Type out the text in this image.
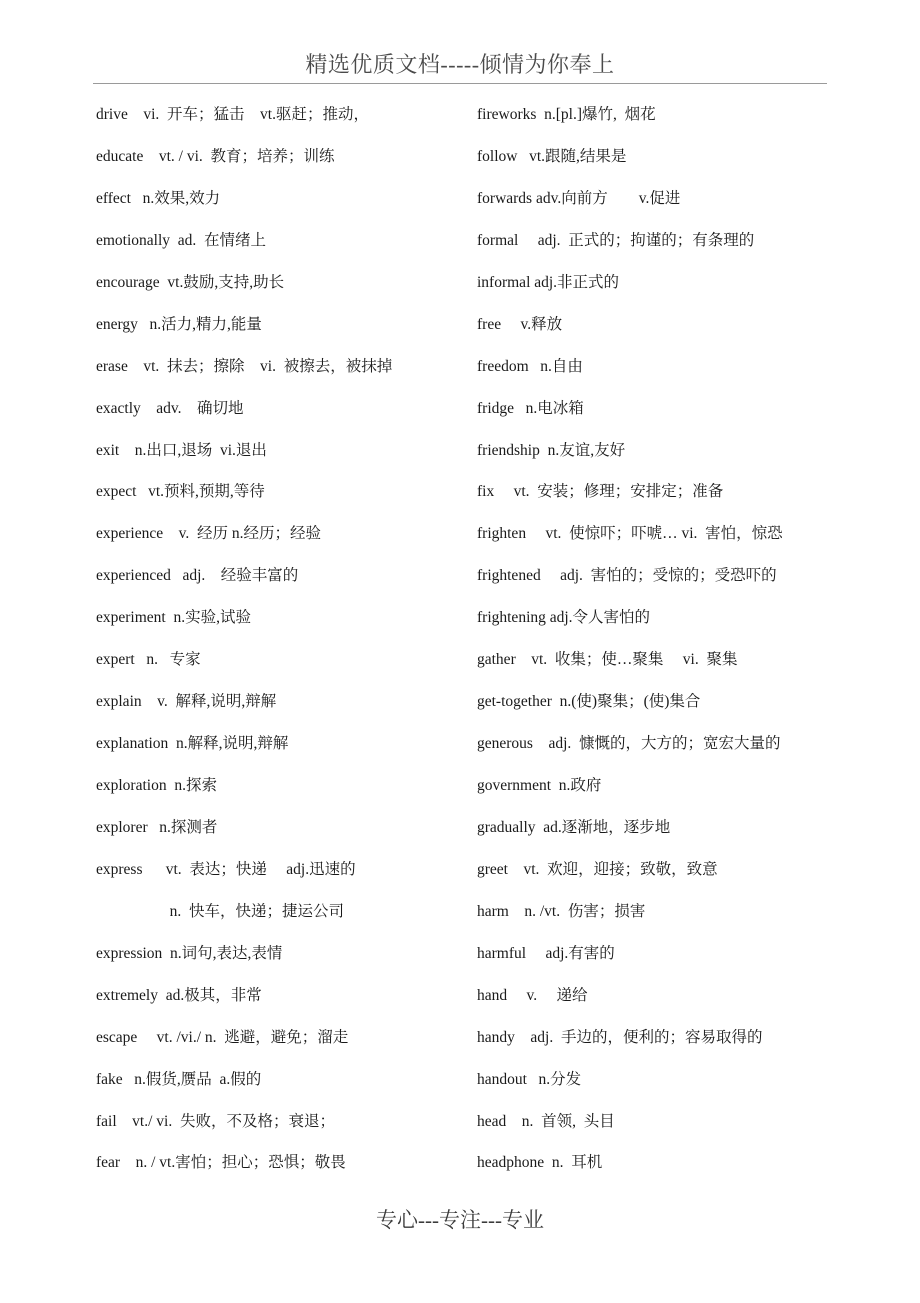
精选优质文档-----倾情为你奉上
drive    vi.  开车；猛击    vt.驱赶；推动，
educate    vt. / vi.  教育；培养；训练
effect   n.效果,效力
emotionally  ad.  在情绪上
encourage  vt.鼓励,支持,助长
energy   n.活力,精力,能量
erase    vt.  抹去；擦除    vi.  被擦去，被抹掉
exactly    adv.    确切地
exit    n.出口,退场  vi.退出
expect   vt.预料,预期,等待
experience    v.  经历 n.经历；经验
experienced   adj.    经验丰富的
experiment  n.实验,试验
expert   n.   专家
explain    v.  解释,说明,辩解
explanation  n.解释,说明,辩解
exploration  n.探索
explorer   n.探测者
express      vt.  表达；快递     adj.迅速的
n.  快车，快递；捷运公司
expression  n.词句,表达,表情
extremely  ad.极其，非常
escape     vt. /vi./ n.  逃避，避免；溜走
fake   n.假货,赝品  a.假的
fail    vt./ vi.  失败，不及格；衰退；
fear    n. / vt.害怕；担心；恐惧；敬畏
fireworks  n.[pl.]爆竹,  烟花
follow   vt.跟随,结果是
forwards adv.向前方        v.促进
formal     adj.  正式的；拘谨的；有条理的
informal adj.非正式的
free     v.释放
freedom   n.自由
fridge   n.电冰箱
friendship  n.友谊,友好
fix     vt.  安装；修理；安排定；准备
frighten     vt.  使惊吓；吓唬… vi.  害怕，惊恐
frightened     adj.  害怕的；受惊的；受恐吓的
frightening adj.令人害怕的
gather    vt.  收集；使…聚集     vi.  聚集
get-together  n.(使)聚集；(使)集合
generous    adj.  慷慨的，大方的；宽宏大量的
government  n.政府
gradually  ad.逐渐地，逐步地
greet    vt.  欢迎，迎接；致敬，致意
harm    n. /vt.  伤害；损害
harmful     adj.有害的
hand     v.     递给
handy    adj.  手边的，便利的；容易取得的
handout   n.分发
head    n.  首领,  头目
headphone  n.  耳机
专心---专注---专业
